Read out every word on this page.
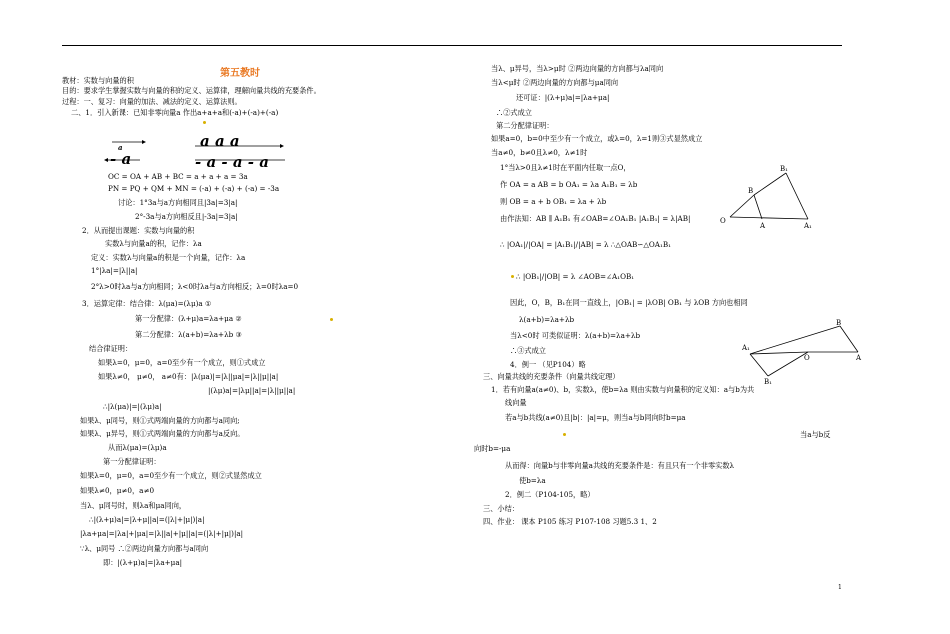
第五教时
教材：实数与向量的积
目的：要求学生掌握实数与向量的积的定义、运算律，理解向量共线的充要条件。
过程：一、复习：向量的加法、减法的定义、运算法则。
二、1．引入新课：已知非零向量a 作出a+a+a和(-a)+(-a)+(-a)
OC = OA + AB + BC = a + a + a = 3a
PN = PQ + QM + MN = (-a) + (-a) + (-a) = -3a
讨论：1°3a与a方向相同且|3a|=3|a|
2°-3a与a方向相反且|-3a|=3|a|
2．从而提出课题：实数与向量的积
实数λ与向量a的积，记作：λa
定义：实数λ与向量a的积是一个向量，记作：λa
1°|λa|=|λ||a|
2°λ>0时λa与a方向相同；λ<0时λa与a方向相反；λ=0时λa=0
3．运算定律：结合律：λ(μa)=(λμ)a ①
第一分配律：(λ+μ)a=λa+μa ②
第二分配律：λ(a+b)=λa+λb ③
结合律证明：
如果λ=0，μ=0，a=0至少有一个成立，则①式成立
如果λ≠0， μ≠0， a≠0有：|λ(μa)|=|λ||μa|=|λ||μ||a|
|(λμ)a|=|λμ||a|=|λ||μ||a|
∴|λ(μa)|=|(λμ)a|
如果λ、μ同号，则①式两端向量的方向都与a同向;
如果λ、μ异号，则①式两端向量的方向都与a反向。
从而λ(μa)=(λμ)a
第一分配律证明：
如果λ=0，μ=0，a=0至少有一个成立，则②式显然成立
如果λ≠0，μ≠0，a≠0
当λ、μ同号时，则λa和μa同向，
∴|(λ+μ)a|=|λ+μ||a|=(|λ|+|μ|)|a|
|λa+μa|=|λa|+|μa|=|λ||a|+|μ||a|=(|λ|+|μ|)|a|
∵λ、μ同号 ∴②两边向量方向都与a同向
即：|(λ+μ)a|=|λa+μa|
当λ、μ异号，当λ>μ时 ②两边向量的方向都与λa同向
当λ<μ时 ②两边向量的方向都与μa同向
还可证：|(λ+μ)a|=|λa+μa|
∴②式成立
第二分配律证明：
如果a=0，b=0中至少有一个成立，或λ=0，λ=1则③式显然成立
当a≠0，b≠0且λ≠0，λ≠1时
1°当λ>0且λ≠1时在平面内任取一点O，
作 OA = a AB = b OA₁ = λa A₁B₁ = λb
则 OB = a + b OB₁ = λa + λb
由作法知：AB ∥ A₁B₁ 有∠OAB=∠OA₁B₁ |A₁B₁| = λ|AB|
∴ |OA₁|/|OA| = |A₁B₁|/|AB| = λ ∴△OAB∽△OA₁B₁
∴ |OB₁|/|OB| = λ ∠AOB=∠A₁OB₁
因此，O，B，B₁在同一直线上，|OB₁| = |λOB| OB₁ 与 λOB 方向也相同
λ(a+b)=λa+λb
当λ<0时 可类似证明：λ(a+b)=λa+λb
∴③式成立
4．例一 （见P104）略
三、向量共线的充要条件（向量共线定理）
1．若有向量a(a≠0)、b，实数λ，使b=λa 则由实数与向量积的定义知：a与b为共
线向量
若a与b共线(a≠0)且|b|：|a|=μ，则当a与b同向时b=μa
当a与b反
向时b=-μa
从而得：向量b与非零向量a共线的充要条件是：有且只有一个非零实数λ
使b=λa
2．例二（P104-105，略）
三、小结：
四、作业： 课本 P105 练习 P107-108 习题5.3 1、2
a
- a
a a a
- a - a - a
O
A	A₁
B
B₁
A₁
B
O	A
B₁
1
